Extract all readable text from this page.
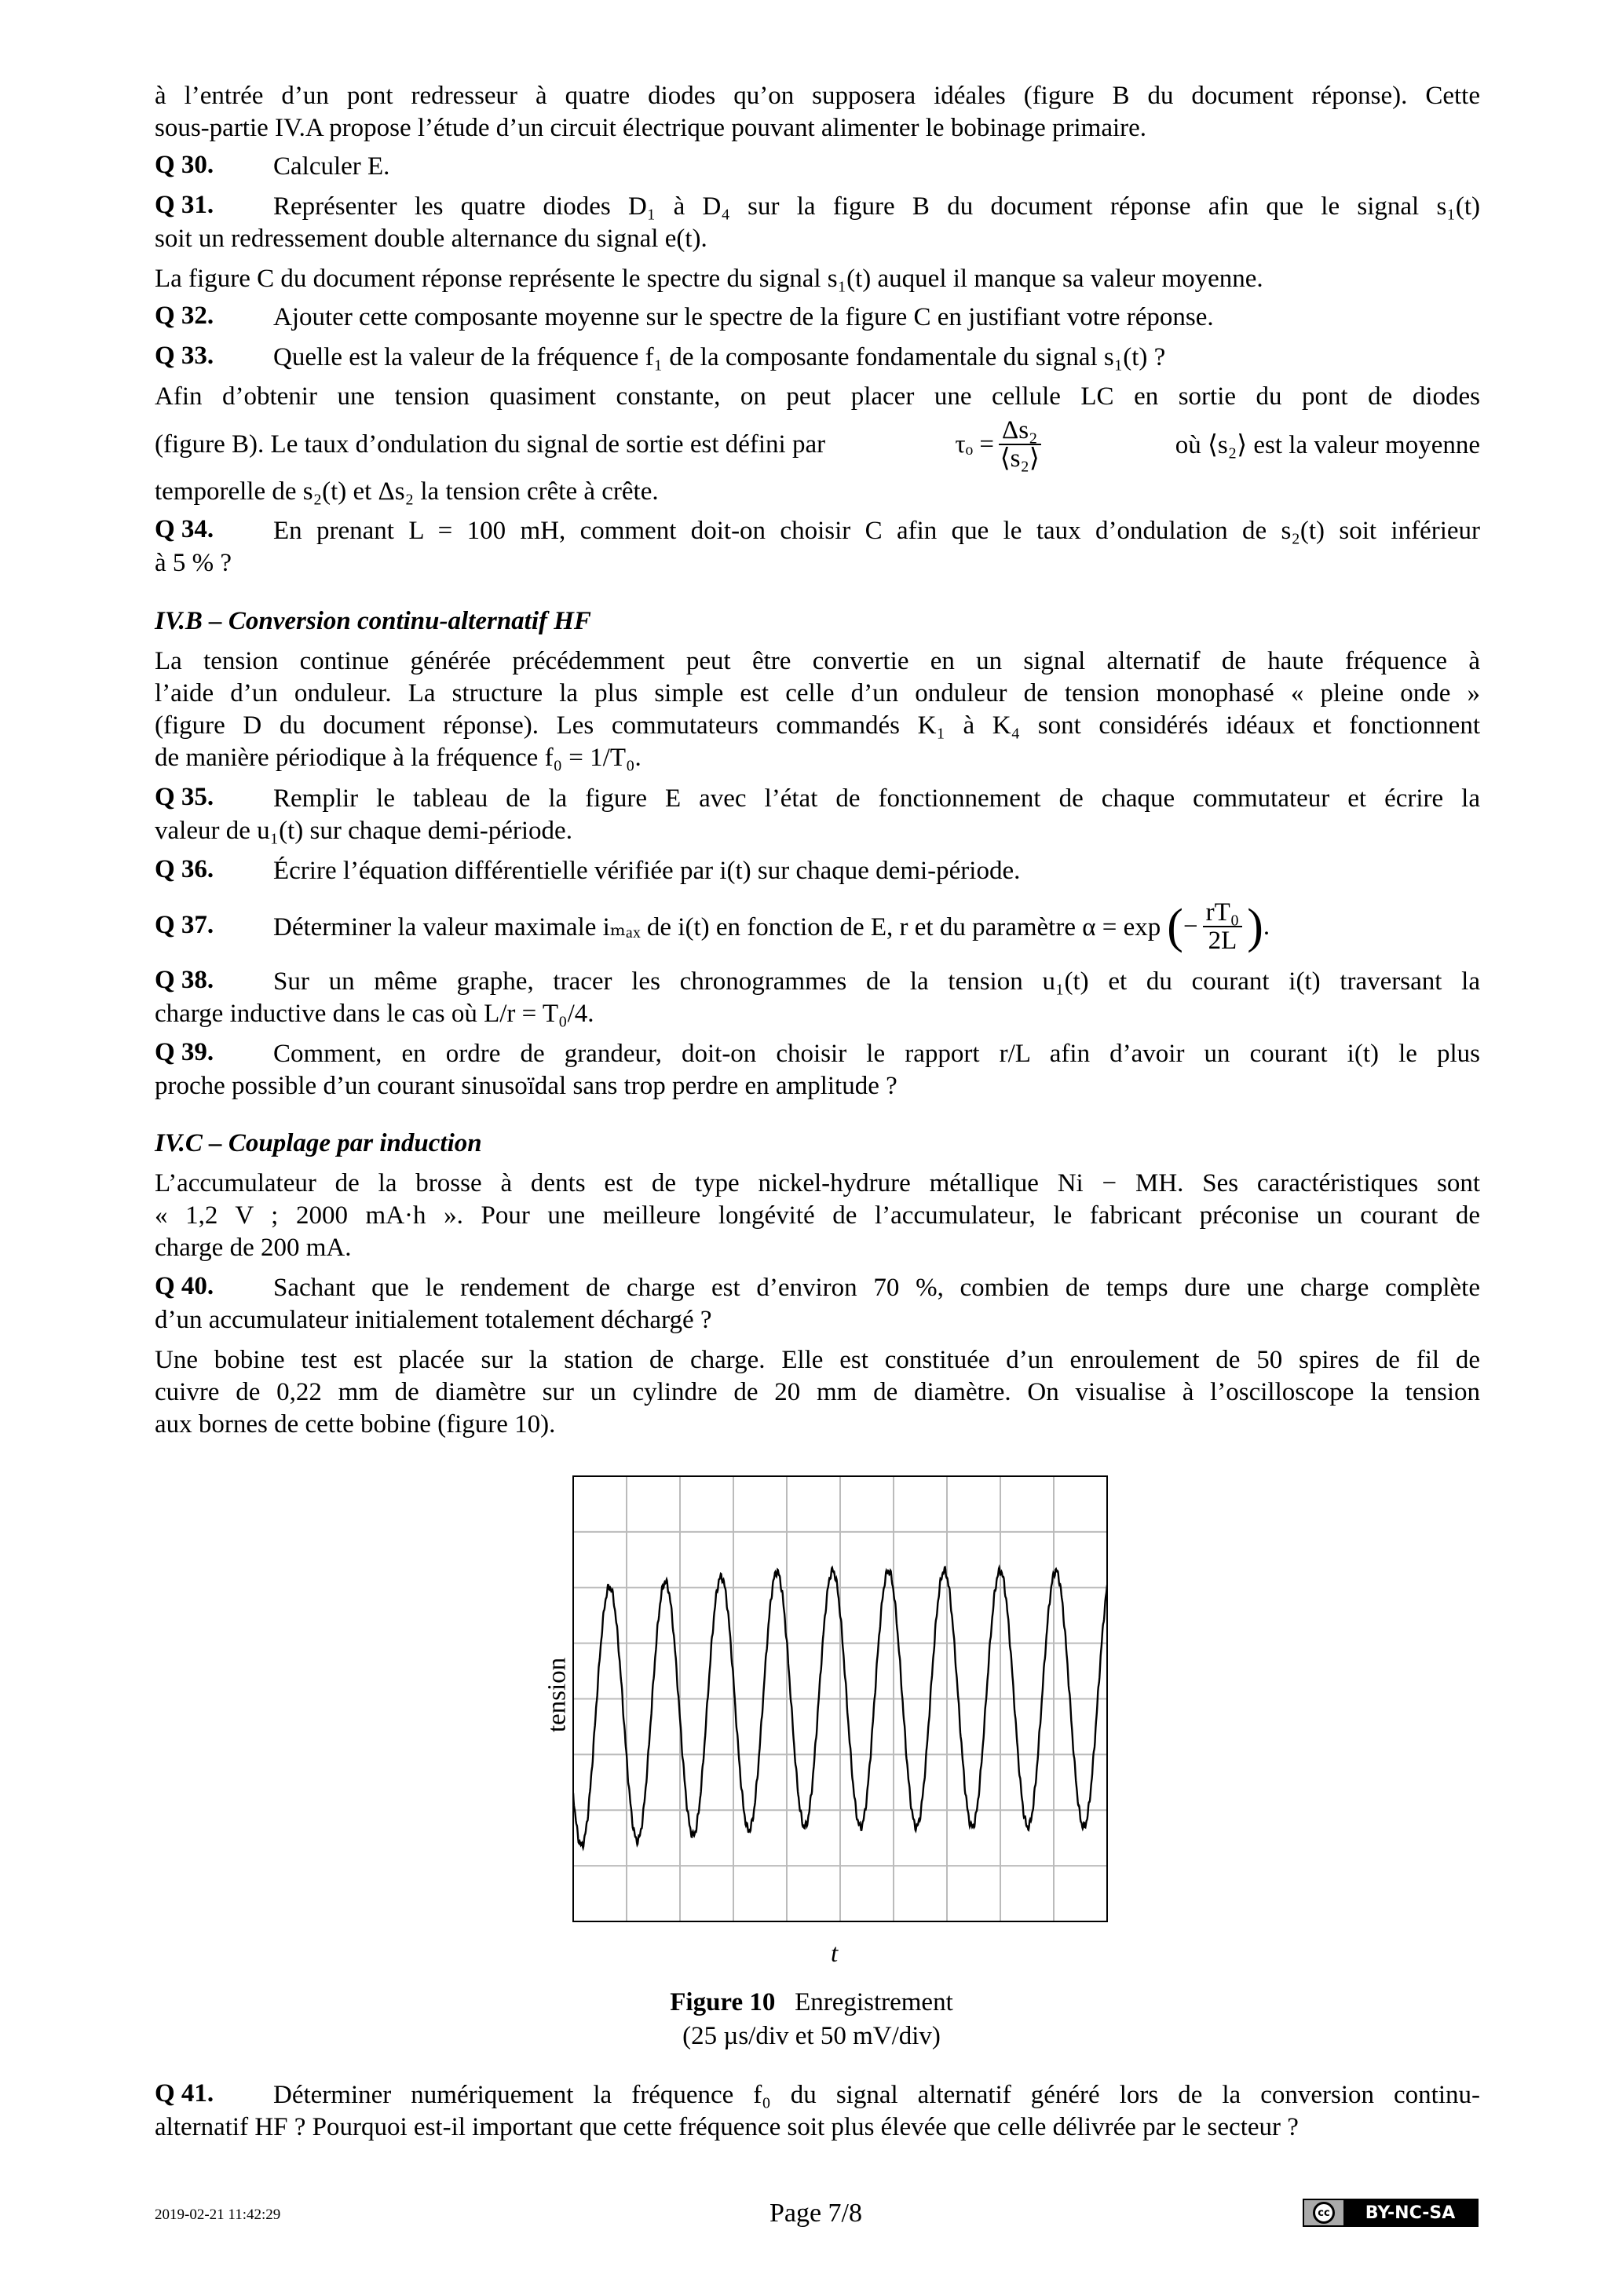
à l’entrée d’un pont redresseur à quatre diodes qu’on supposera idéales (figure B du document réponse). Cette
sous-partie IV.A propose l’étude d’un circuit électrique pouvant alimenter le bobinage primaire.
Q 30.	Calculer E.
Q 31.	Représenter les quatre diodes D₁ à D₄ sur la figure B du document réponse afin que le signal s₁(t)
soit un redressement double alternance du signal e(t).
La figure C du document réponse représente le spectre du signal s₁(t) auquel il manque sa valeur moyenne.
Q 32.	Ajouter cette composante moyenne sur le spectre de la figure C en justifiant votre réponse.
Q 33.	Quelle est la valeur de la fréquence f₁ de la composante fondamentale du signal s₁(t) ?
Afin d’obtenir une tension quasiment constante, on peut placer une cellule LC en sortie du pont de diodes
(figure B). Le taux d’ondulation du signal de sortie est défini par	$\tau_o = \frac{\text{Δs₂}}{\text{⟨s₂⟩}}$	où ⟨s₂⟩ est la valeur moyenne
temporelle de s₂(t) et Δs₂ la tension crête à crête.
Q 34.	En prenant L = 100 mH, comment doit-on choisir C afin que le taux d’ondulation de s₂(t) soit inférieur
à 5 % ?
IV.B – Conversion continu-alternatif HF
La tension continue générée précédemment peut être convertie en un signal alternatif de haute fréquence à
l’aide d’un onduleur. La structure la plus simple est celle d’un onduleur de tension monophasé « pleine onde »
(figure D du document réponse). Les commutateurs commandés K₁ à K₄ sont considérés idéaux et fonctionnent
de manière périodique à la fréquence f₀ = 1/T₀.
Q 35.	Remplir le tableau de la figure E avec l’état de fonctionnement de chaque commutateur et écrire la
valeur de u₁(t) sur chaque demi-période.
Q 36.	Écrire l’équation différentielle vérifiée par i(t) sur chaque demi-période.
Q 37. Déterminer la valeur maximale iₘₐₓ de i(t) en fonction de E, r et du paramètre α = exp ( − $\frac{\text{rT₀}}{2L}$ ) .
Q 38.	Sur un même graphe, tracer les chronogrammes de la tension u₁(t) et du courant i(t) traversant la
charge inductive dans le cas où L/r = T₀/4.
Q 39.	Comment, en ordre de grandeur, doit-on choisir le rapport r/L afin d’avoir un courant i(t) le plus
proche possible d’un courant sinusoïdal sans trop perdre en amplitude ?
IV.C – Couplage par induction
L’accumulateur de la brosse à dents est de type nickel-hydrure métallique Ni − MH. Ses caractéristiques sont
« 1,2 V ; 2000 mA·h ». Pour une meilleure longévité de l’accumulateur, le fabricant préconise un courant de
charge de 200 mA.
Q 40.	Sachant que le rendement de charge est d’environ 70 %, combien de temps dure une charge complète
d’un accumulateur initialement totalement déchargé ?
Une bobine test est placée sur la station de charge. Elle est constituée d’un enroulement de 50 spires de fil de
cuivre de 0,22 mm de diamètre sur un cylindre de 20 mm de diamètre. On visualise à l’oscilloscope la tension
aux bornes de cette bobine (figure 10).
tension
t
Figure 10 Enregistrement
(25 µs/div et 50 mV/div)
Q 41.	Déterminer numériquement la fréquence f₀ du signal alternatif généré lors de la conversion continu-
alternatif HF ? Pourquoi est-il important que cette fréquence soit plus élevée que celle délivrée par le secteur ?
2019-02-21 11:42:29	Page 7/8	cc	BY-NC-SA
